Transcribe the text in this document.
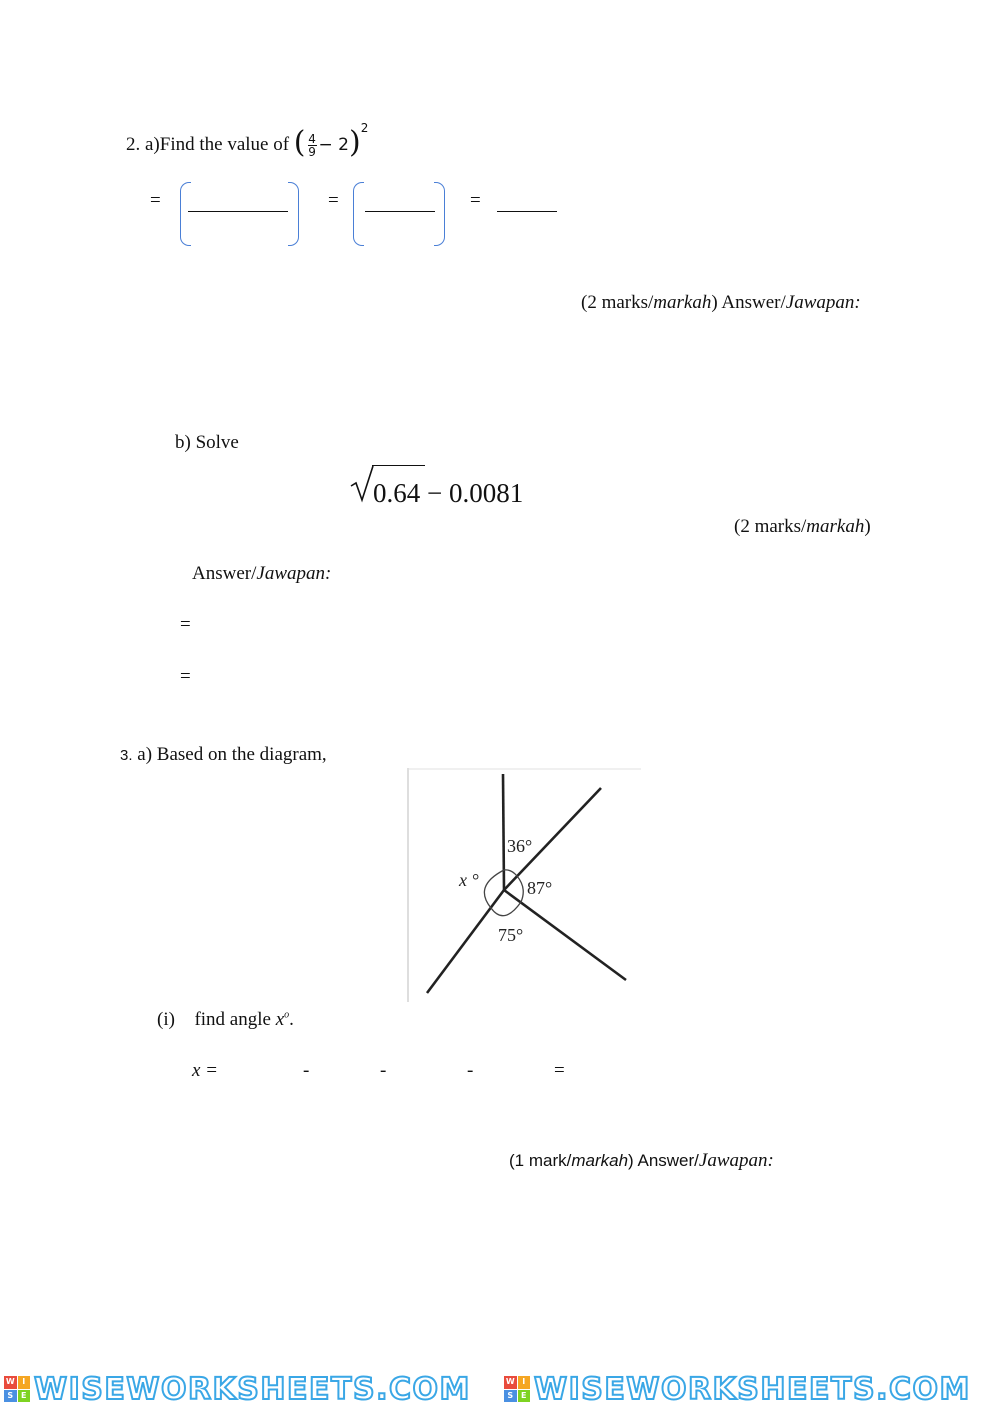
2. a)Find the value of ( $\frac{4}{9} - 2)^2$
=	=	=
(2 marks/markah) Answer/Jawapan:
b) Solve
0.64 − 0.0081
(2 marks/markah)
Answer/Jawapan:
=
=
3. a) Based on the diagram,
36°
87°
75°
x °
(i) find angle $x^o$.
x =	-	-	-	=
(1 mark/markah) Answer/Jawapan:
W I
S E WISEWORKSHEETS.COM	W I
S E WISEWORKSHEETS.COM
